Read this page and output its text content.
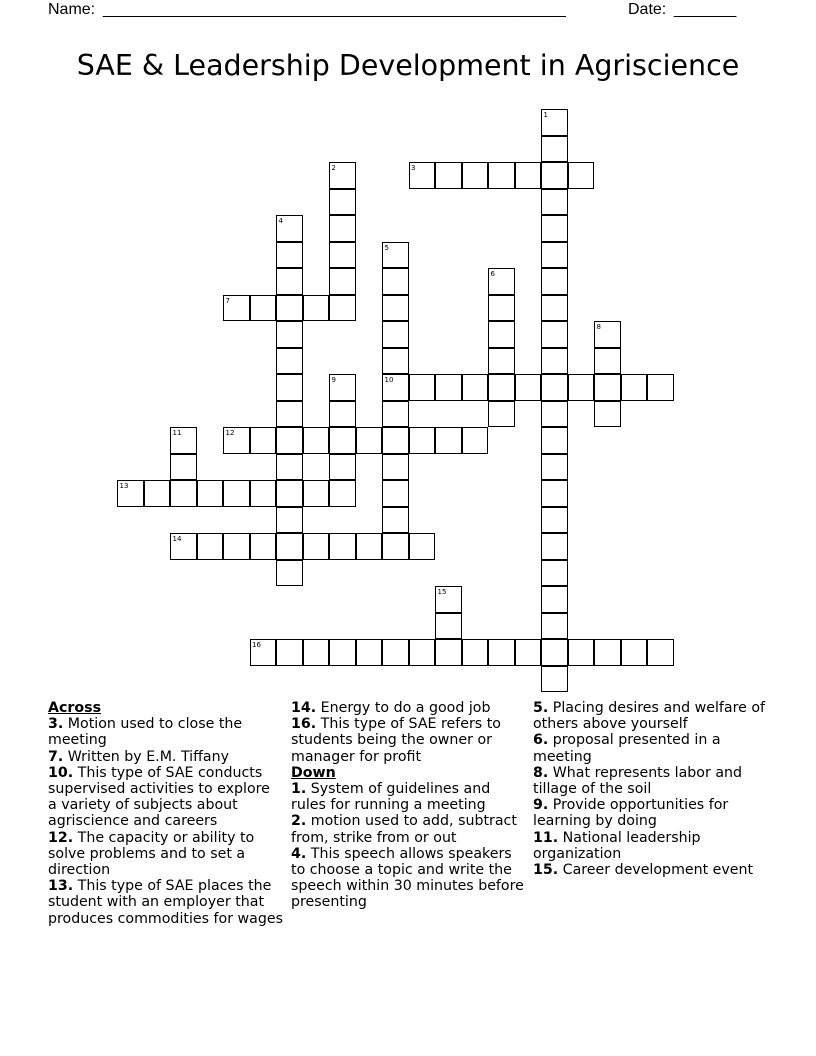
Name: ____________________________________________________	Date: _______
SAE & Leadership Development in Agriscience
1
2	3
4
5
6
7
8
9	10
11	12
13
14
15
16
Across
3. Motion used to close the meeting
7. Written by E.M. Tiffany
10. This type of SAE conducts supervised activities to explore a variety of subjects about agriscience and careers
12. The capacity or ability to solve problems and to set a direction
13. This type of SAE places the student with an employer that produces commodities for wages
14. Energy to do a good job
16. This type of SAE refers to students being the owner or manager for profit
Down
1. System of guidelines and rules for running a meeting
2. motion used to add, subtract from, strike from or out
4. This speech allows speakers to choose a topic and write the speech within 30 minutes before presenting
5. Placing desires and welfare of others above yourself
6. proposal presented in a meeting
8. What represents labor and tillage of the soil
9. Provide opportunities for learning by doing
11. National leadership organization
15. Career development event
